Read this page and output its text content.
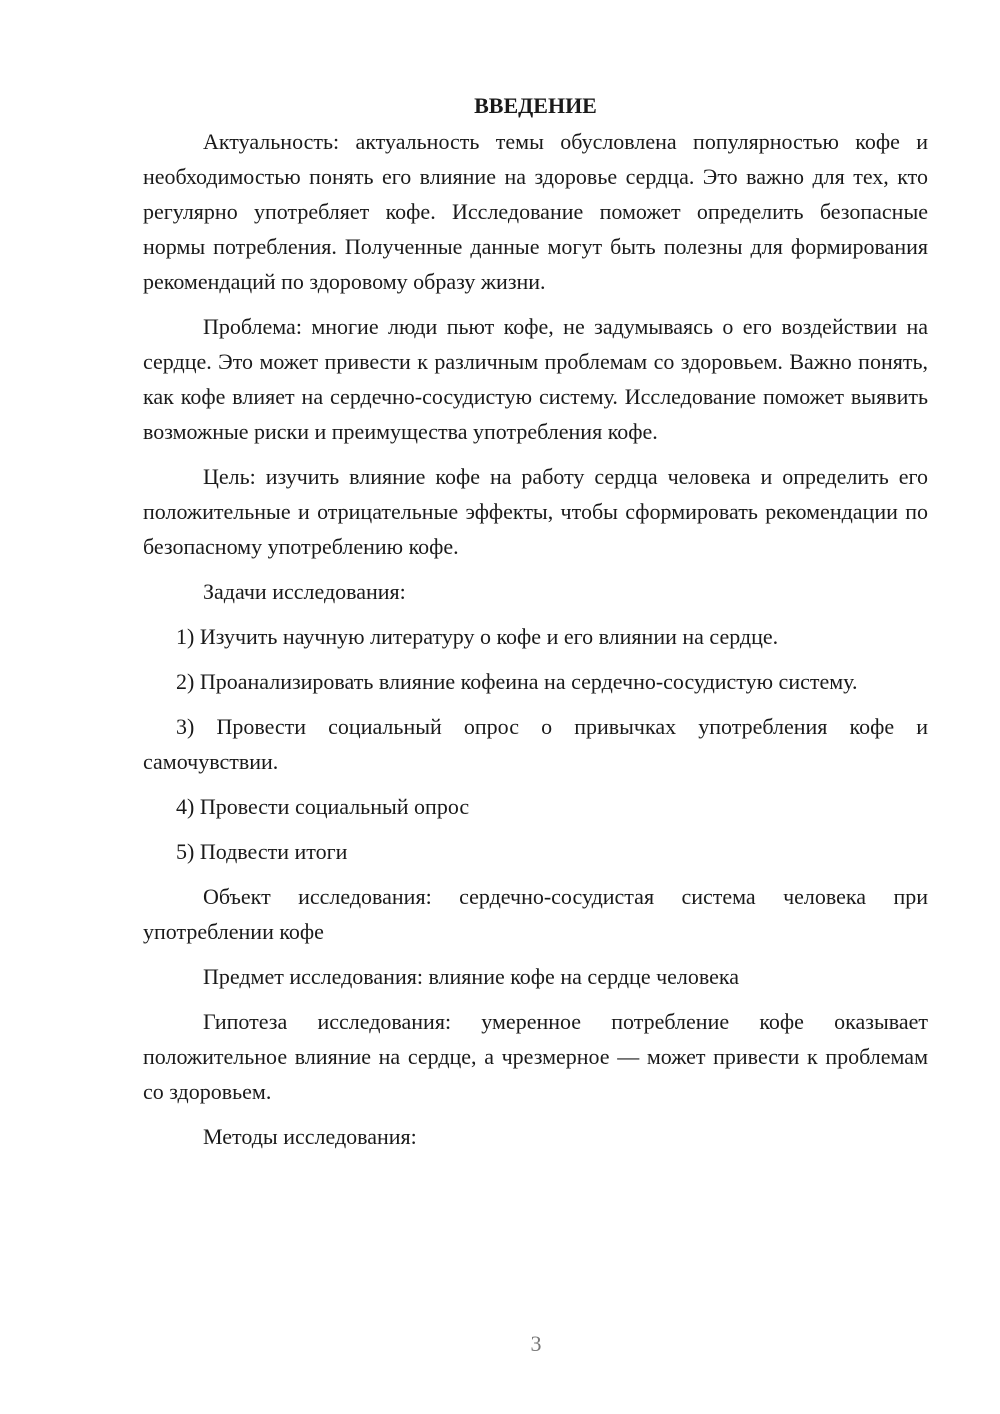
ВВЕДЕНИЕ

Актуальность: актуальность темы обусловлена популярностью кофе и необходимостью понять его влияние на здоровье сердца. Это важно для тех, кто регулярно употребляет кофе. Исследование поможет определить безопасные нормы потребления. Полученные данные могут быть полезны для формирования рекомендаций по здоровому образу жизни.

Проблема: многие люди пьют кофе, не задумываясь о его воздействии на сердце. Это может привести к различным проблемам со здоровьем. Важно понять, как кофе влияет на сердечно-сосудистую систему. Исследование поможет выявить возможные риски и преимущества употребления кофе.

Цель: изучить влияние кофе на работу сердца человека и определить его положительные и отрицательные эффекты, чтобы сформировать рекомендации по безопасному употреблению кофе.

Задачи исследования:

1) Изучить научную литературу о кофе и его влиянии на сердце.

2) Проанализировать влияние кофеина на сердечно-сосудистую систему.

3) Провести социальный опрос о привычках употребления кофе и самочувствии.

4) Провести социальный опрос

5) Подвести итоги

Объект исследования: сердечно-сосудистая система человека при употреблении кофе

Предмет исследования: влияние кофе на сердце человека

Гипотеза исследования: умеренное потребление кофе оказывает положительное влияние на сердце, а чрезмерное — может привести к проблемам со здоровьем.

Методы исследования:

3
